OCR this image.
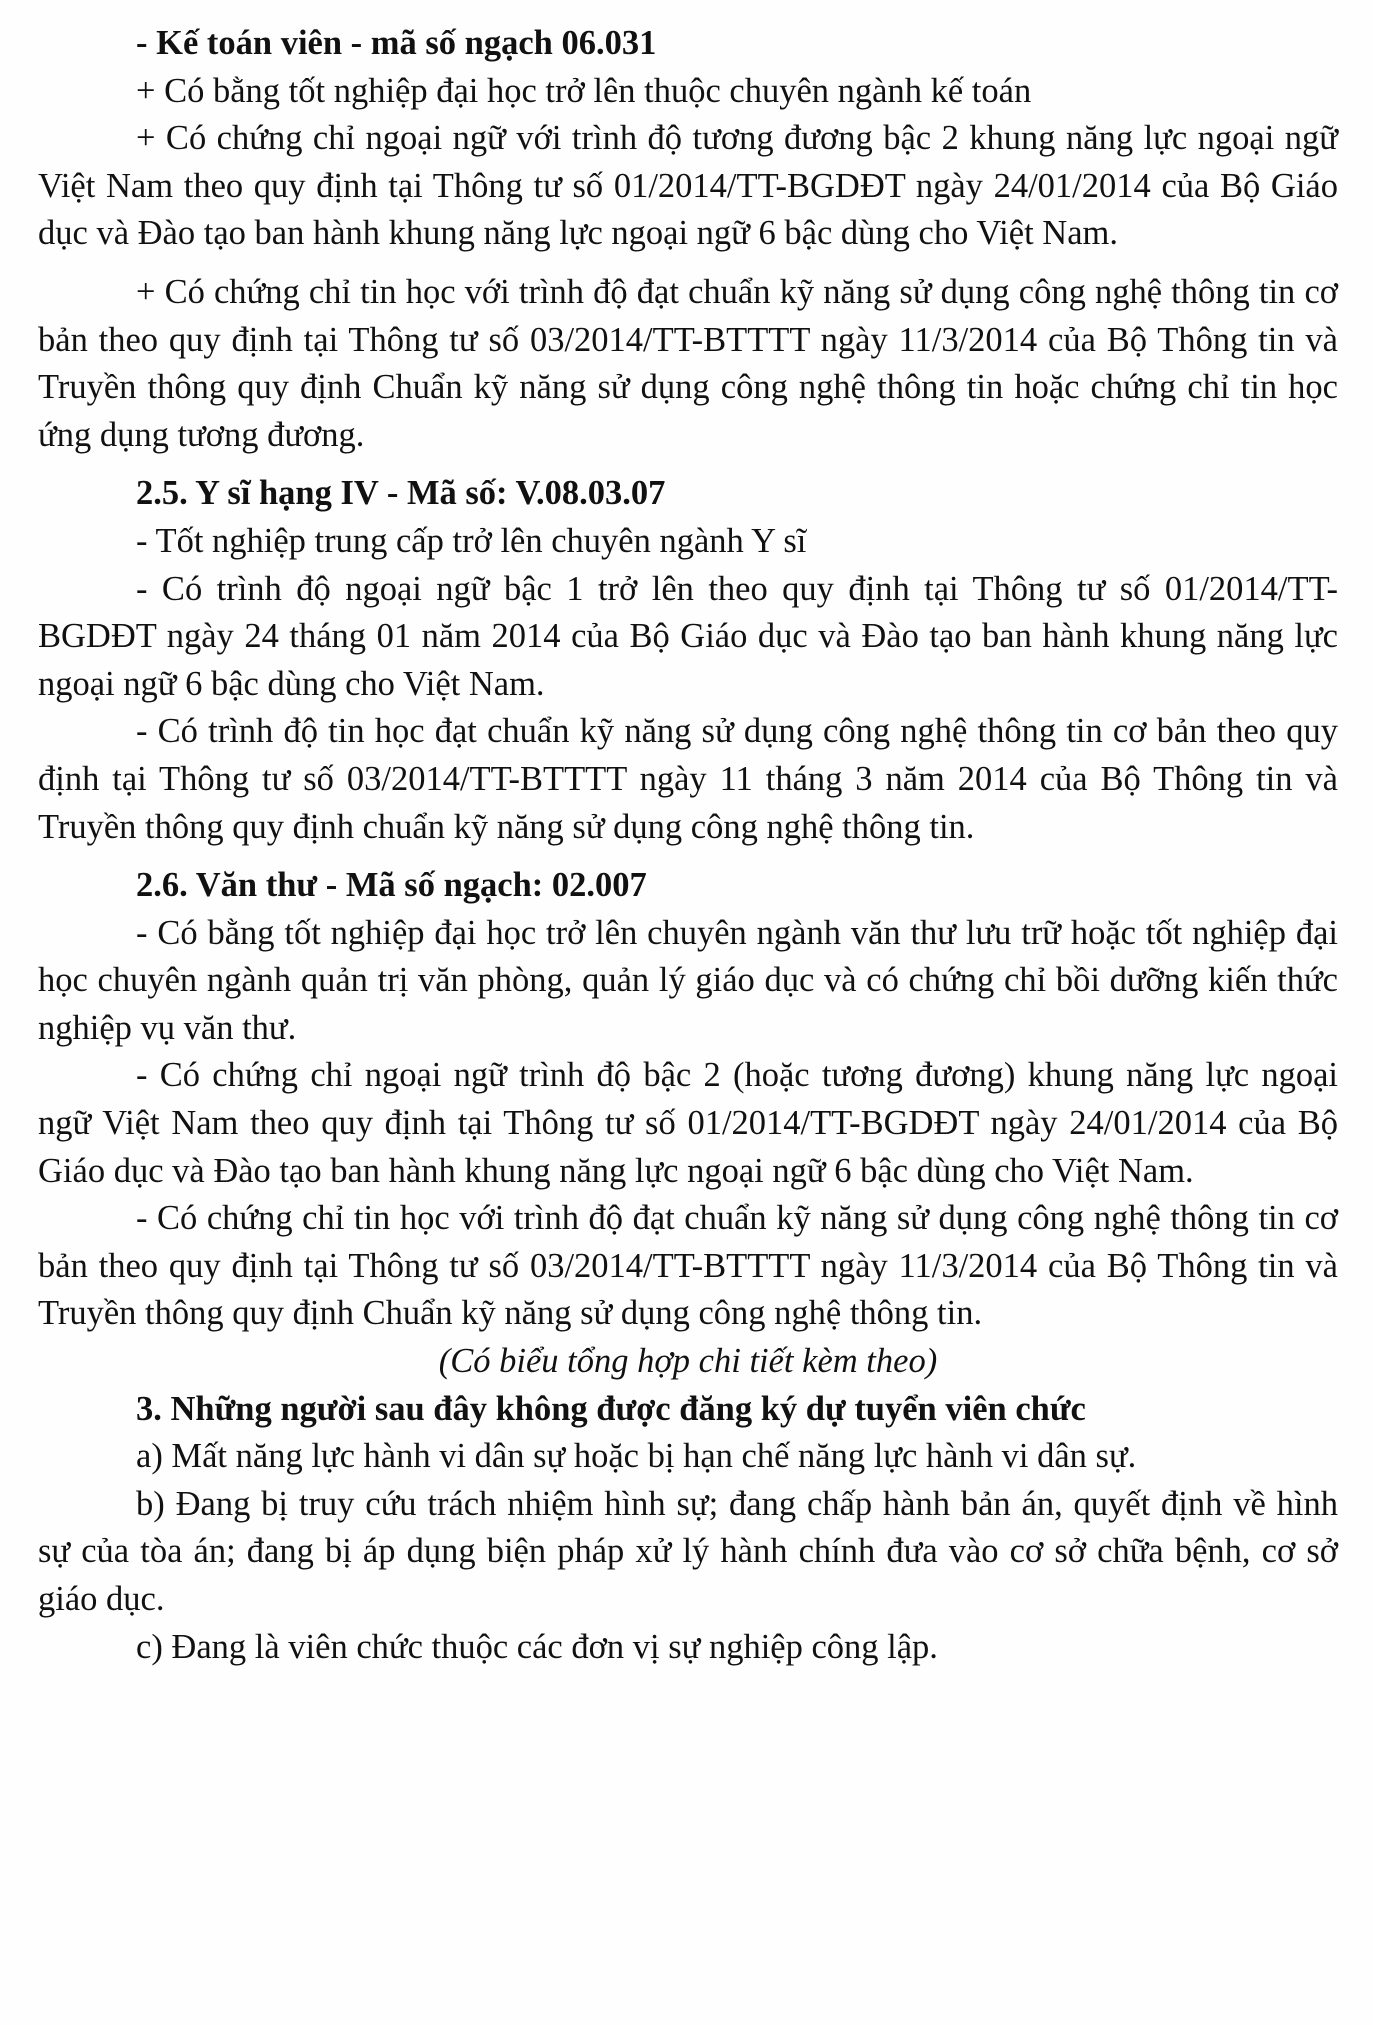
- Kế toán viên - mã số ngạch 06.031

+ Có bằng tốt nghiệp đại học trở lên thuộc chuyên ngành kế toán

+ Có chứng chỉ ngoại ngữ với trình độ tương đương bậc 2 khung năng lực ngoại ngữ Việt Nam theo quy định tại Thông tư số 01/2014/TT-BGDĐT ngày 24/01/2014 của Bộ Giáo dục và Đào tạo ban hành khung năng lực ngoại ngữ 6 bậc dùng cho Việt Nam.

+ Có chứng chỉ tin học với trình độ đạt chuẩn kỹ năng sử dụng công nghệ thông tin cơ bản theo quy định tại Thông tư số 03/2014/TT-BTTTT ngày 11/3/2014 của Bộ Thông tin và Truyền thông quy định Chuẩn kỹ năng sử dụng công nghệ thông tin hoặc chứng chỉ tin học ứng dụng tương đương.

2.5. Y sĩ hạng IV - Mã số: V.08.03.07

- Tốt nghiệp trung cấp trở lên chuyên ngành Y sĩ

- Có trình độ ngoại ngữ bậc 1 trở lên theo quy định tại Thông tư số 01/2014/TT-BGDĐT ngày 24 tháng 01 năm 2014 của Bộ Giáo dục và Đào tạo ban hành khung năng lực ngoại ngữ 6 bậc dùng cho Việt Nam.

- Có trình độ tin học đạt chuẩn kỹ năng sử dụng công nghệ thông tin cơ bản theo quy định tại Thông tư số 03/2014/TT-BTTTT ngày 11 tháng 3 năm 2014 của Bộ Thông tin và Truyền thông quy định chuẩn kỹ năng sử dụng công nghệ thông tin.

2.6. Văn thư - Mã số ngạch: 02.007

- Có bằng tốt nghiệp đại học trở lên chuyên ngành văn thư lưu trữ hoặc tốt nghiệp đại học chuyên ngành quản trị văn phòng, quản lý giáo dục và có chứng chỉ bồi dưỡng kiến thức nghiệp vụ văn thư.

- Có chứng chỉ ngoại ngữ trình độ bậc 2 (hoặc tương đương) khung năng lực ngoại ngữ Việt Nam theo quy định tại Thông tư số 01/2014/TT-BGDĐT ngày 24/01/2014 của Bộ Giáo dục và Đào tạo ban hành khung năng lực ngoại ngữ 6 bậc dùng cho Việt Nam.

- Có chứng chỉ tin học với trình độ đạt chuẩn kỹ năng sử dụng công nghệ thông tin cơ bản theo quy định tại Thông tư số 03/2014/TT-BTTTT ngày 11/3/2014 của Bộ Thông tin và Truyền thông quy định Chuẩn kỹ năng sử dụng công nghệ thông tin.

(Có biểu tổng hợp chi tiết kèm theo)

3. Những người sau đây không được đăng ký dự tuyển viên chức

a) Mất năng lực hành vi dân sự hoặc bị hạn chế năng lực hành vi dân sự.

b) Đang bị truy cứu trách nhiệm hình sự; đang chấp hành bản án, quyết định về hình sự của tòa án; đang bị áp dụng biện pháp xử lý hành chính đưa vào cơ sở chữa bệnh, cơ sở giáo dục.

c) Đang là viên chức thuộc các đơn vị sự nghiệp công lập.
